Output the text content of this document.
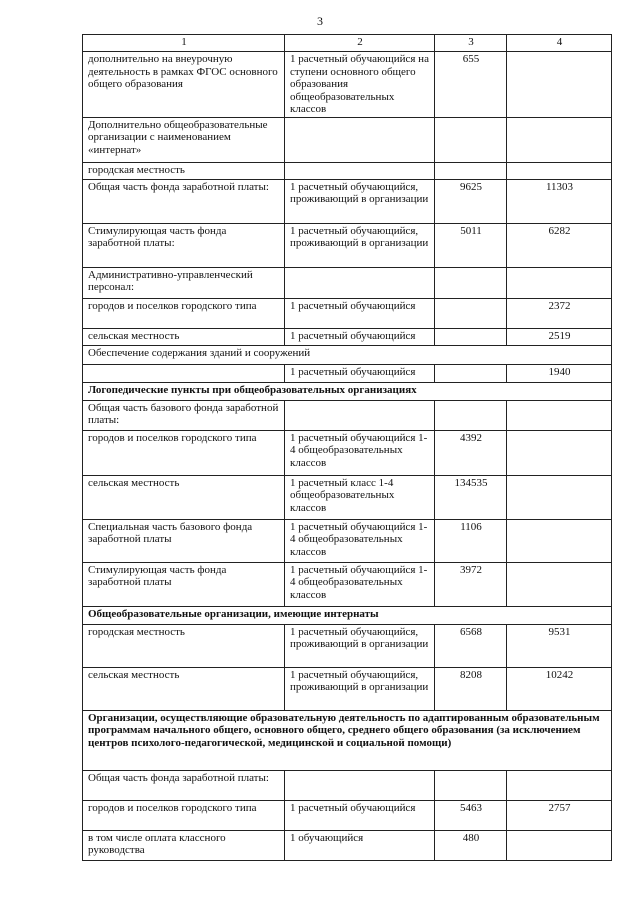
3
1	2	3	4
дополнительно на внеурочную деятельность в рамках ФГОС основного общего образования	1 расчетный обучающийся на ступени основного общего образования общеобразовательных классов	655	
Дополнительно общеобразовательные организации с наименованием «интернат»			
городская местность			
Общая часть фонда заработной платы:	1 расчетный обучающийся, проживающий в организации	9625	11303
Стимулирующая часть фонда заработной платы:	1 расчетный обучающийся, проживающий в организации	5011	6282
Административно-управленческий персонал:			
городов и поселков городского типа	1 расчетный обучающийся		2372
сельская местность	1 расчетный обучающийся		2519
Обеспечение содержания зданий и сооружений			
	1 расчетный обучающийся		1940
Логопедические пункты при общеобразовательных организациях			
Общая часть базового фонда заработной платы:			
городов и поселков городского типа	1 расчетный обучающийся 1-4 общеобразовательных классов	4392	
сельская местность	1 расчетный класс 1-4 общеобразовательных классов	134535	
Специальная часть базового фонда заработной платы	1 расчетный обучающийся 1-4 общеобразовательных классов	1106	
Стимулирующая часть фонда заработной платы	1 расчетный обучающийся 1-4 общеобразовательных классов	3972	
Общеобразовательные организации, имеющие интернаты			
городская местность	1 расчетный обучающийся, проживающий в организации	6568	9531
сельская местность	1 расчетный обучающийся, проживающий в организации	8208	10242
Организации, осуществляющие образовательную деятельность по адаптированным образовательным программам начального общего, основного общего, среднего общего образования (за исключением центров психолого-педагогической, медицинской и социальной помощи)			
Общая часть фонда заработной платы:			
городов и поселков городского типа	1 расчетный обучающийся	5463	2757
в том числе оплата классного руководства	1 обучающийся	480	
